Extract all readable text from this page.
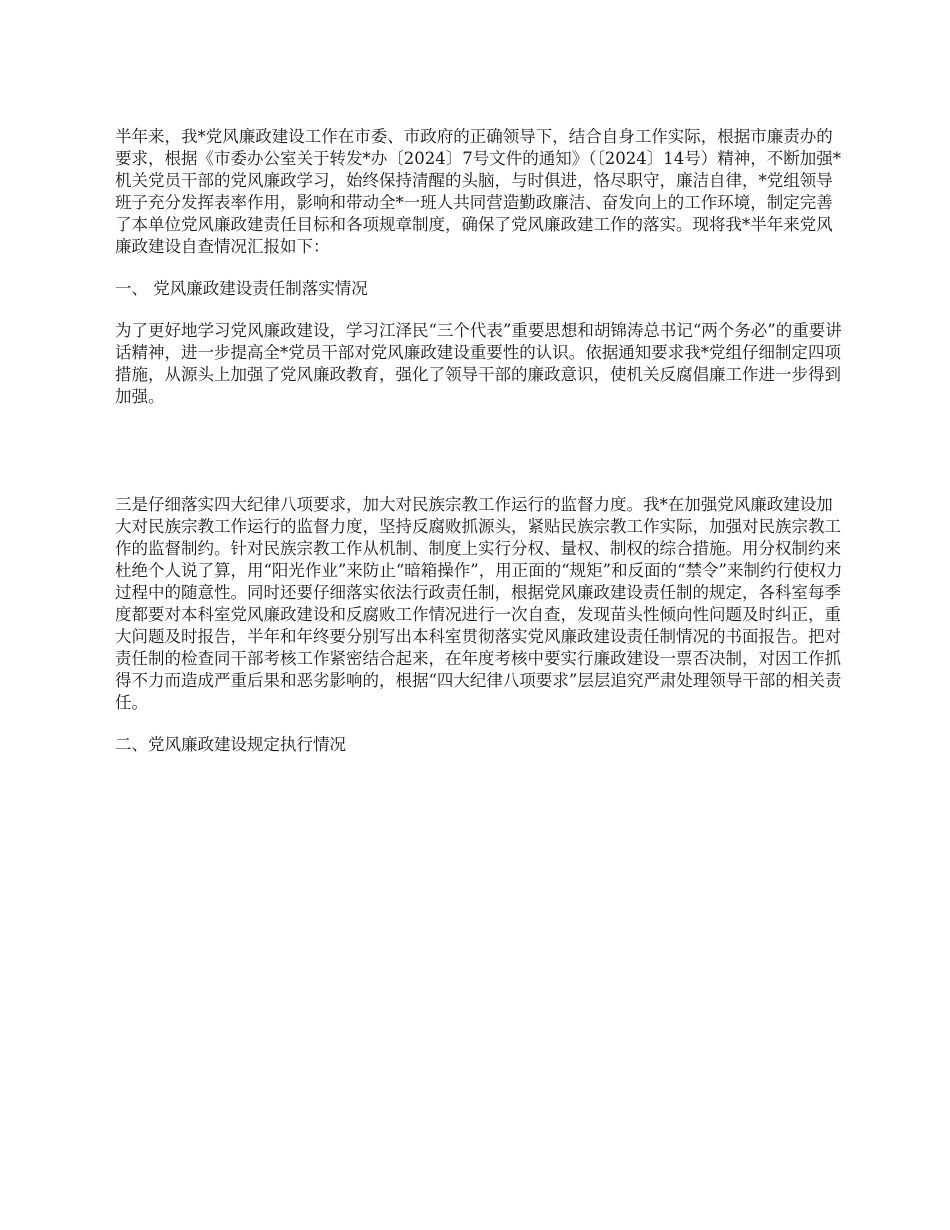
半年来，我*党风廉政建设工作在市委、市政府的正确领导下，结合自身工作实际，根据市廉责办的要求，根据《市委办公室关于转发*办〔2024〕7号文件的通知》（〔2024〕14号）精神，不断加强*机关党员干部的党风廉政学习，始终保持清醒的头脑，与时俱进，恪尽职守，廉洁自律，*党组领导班子充分发挥表率作用，影响和带动全*一班人共同营造勤政廉洁、奋发向上的工作环境，制定完善了本单位党风廉政建责任目标和各项规章制度，确保了党风廉政建工作的落实。现将我*半年来党风廉政建设自查情况汇报如下：

一、 党风廉政建设责任制落实情况

为了更好地学习党风廉政建设，学习江泽民“三个代表”重要思想和胡锦涛总书记“两个务必”的重要讲话精神，进一步提高全*党员干部对党风廉政建设重要性的认识。依据通知要求我*党组仔细制定四项措施，从源头上加强了党风廉政教育，强化了领导干部的廉政意识，使机关反腐倡廉工作进一步得到加强。

三是仔细落实四大纪律八项要求，加大对民族宗教工作运行的监督力度。我*在加强党风廉政建设加大对民族宗教工作运行的监督力度，坚持反腐败抓源头，紧贴民族宗教工作实际，加强对民族宗教工作的监督制约。针对民族宗教工作从机制、制度上实行分权、量权、制权的综合措施。用分权制约来杜绝个人说了算，用“阳光作业”来防止“暗箱操作”，用正面的“规矩”和反面的“禁令”来制约行使权力过程中的随意性。同时还要仔细落实依法行政责任制，根据党风廉政建设责任制的规定，各科室每季度都要对本科室党风廉政建设和反腐败工作情况进行一次自查，发现苗头性倾向性问题及时纠正，重大问题及时报告，半年和年终要分别写出本科室贯彻落实党风廉政建设责任制情况的书面报告。把对责任制的检查同干部考核工作紧密结合起来，在年度考核中要实行廉政建设一票否决制，对因工作抓得不力而造成严重后果和恶劣影响的，根据“四大纪律八项要求”层层追究严肃处理领导干部的相关责任。

二、党风廉政建设规定执行情况
